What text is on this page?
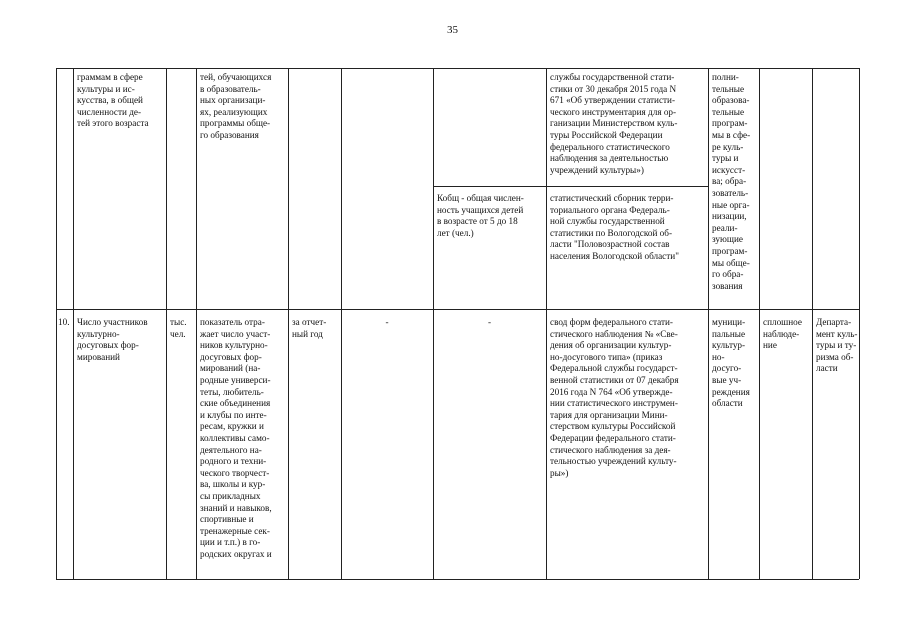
35
граммам в сфере
культуры и ис-
кусства, в общей
численности де-
тей этого возраста
тей, обучающихся
в образователь-
ных организаци-
ях, реализующих
программы обще-
го образования
службы государственной стати-
стики от 30 декабря 2015 года N
671 «Об утверждении статисти-
ческого инструментария для ор-
ганизации Министерством куль-
туры Российской Федерации
федерального статистического
наблюдения за деятельностью
учреждений культуры»)
Кобщ - общая числен-
ность учащихся детей
в возрасте от 5 до 18
лет (чел.)
статистический сборник терри-
ториального органа Федераль-
ной службы государственной
статистики по Вологодской об-
ласти "Половозрастной состав
населения Вологодской области"
полни-
тельные
образова-
тельные
програм-
мы в сфе-
ре куль-
туры и
искусст-
ва; обра-
зователь-
ные орга-
низации,
реали-
зующие
програм-
мы обще-
го обра-
зования
10. Число участников
культурно-
досуговых фор-
мирований
тыс.
чел.
показатель отра-
жает число участ-
ников культурно-
досуговых фор-
мирований (на-
родные универси-
теты, любитель-
ские объединения
и клубы по инте-
ресам, кружки и
коллективы само-
деятельного на-
родного и техни-
ческого творчест-
ва, школы и кур-
сы прикладных
знаний и навыков,
спортивные и
тренажерные сек-
ции и т.п.) в го-
родских округах и
за отчет-
ный год
-	-	свод форм федерального стати-
стического наблюдения № «Све-
дения об организации культур-
но-досугового типа» (приказ
Федеральной службы государст-
венной статистики от 07 декабря
2016 года N 764 «Об утвержде-
нии статистического инструмен-
тария для организации Мини-
стерством культуры Российской
Федерации федерального стати-
стического наблюдения за дея-
тельностью учреждений культу-
ры»)
муници-
пальные
культур-
но-
досуго-
вые уч-
реждения
области
сплошное
наблюде-
ние
Департа-
мент куль-
туры и ту-
ризма об-
ласти
